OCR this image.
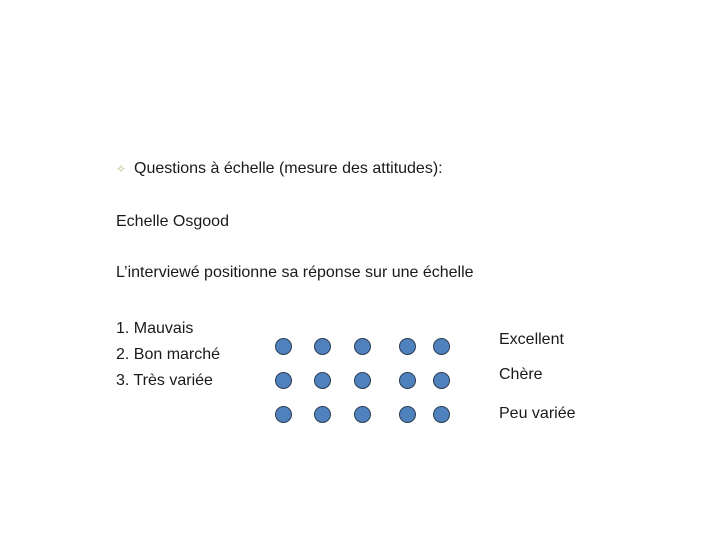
✧ Questions à échelle (mesure des attitudes):
Echelle Osgood
L’interviewé positionne sa réponse sur une échelle
1. Mauvais
2. Bon marché
3. Très variée
Excellent
Chère
Peu variée
